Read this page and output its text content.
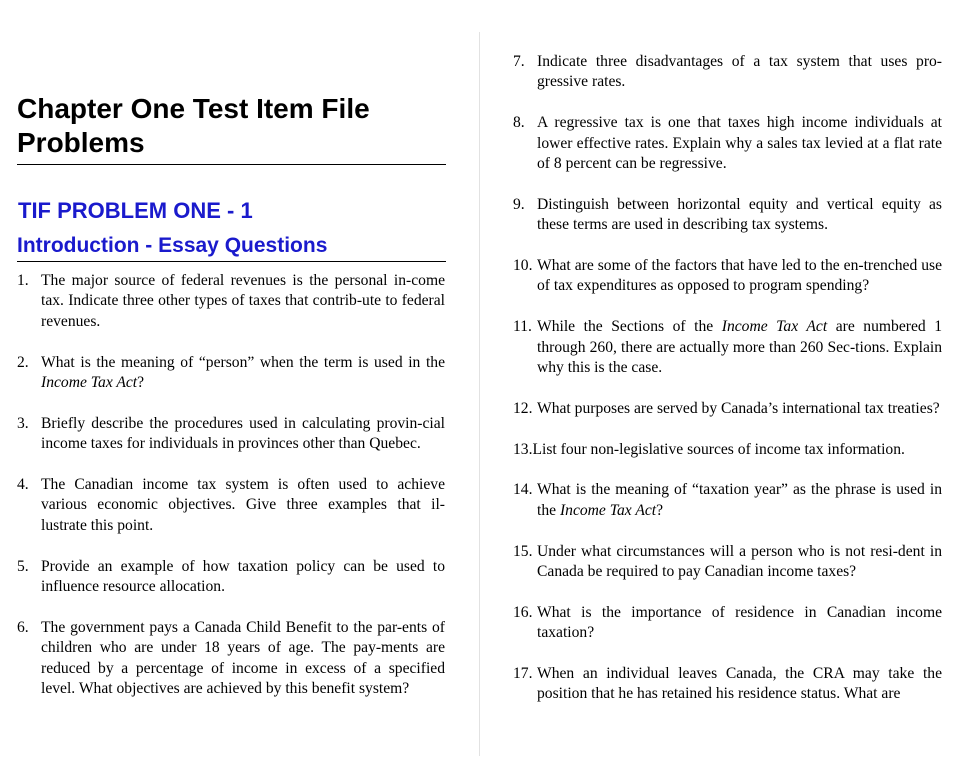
Chapter One Test Item File Problems
TIF PROBLEM ONE - 1
Introduction - Essay Questions
1. The major source of federal revenues is the personal in-come tax. Indicate three other types of taxes that contrib-ute to federal revenues.
2. What is the meaning of “person” when the term is used in the Income Tax Act?
3. Briefly describe the procedures used in calculating provin-cial income taxes for individuals in provinces other than Quebec.
4. The Canadian income tax system is often used to achieve various economic objectives. Give three examples that il-lustrate this point.
5. Provide an example of how taxation policy can be used to influence resource allocation.
6. The government pays a Canada Child Benefit to the par-ents of children who are under 18 years of age. The pay-ments are reduced by a percentage of income in excess of a specified level. What objectives are achieved by this benefit system?
7. Indicate three disadvantages of a tax system that uses pro-gressive rates.
8. A regressive tax is one that taxes high income individuals at lower effective rates. Explain why a sales tax levied at a flat rate of 8 percent can be regressive.
9. Distinguish between horizontal equity and vertical equity as these terms are used in describing tax systems.
10. What are some of the factors that have led to the en-trenched use of tax expenditures as opposed to program spending?
11. While the Sections of the Income Tax Act are numbered 1 through 260, there are actually more than 260 Sec-tions. Explain why this is the case.
12. What purposes are served by Canada’s international tax treaties?
13.List four non-legislative sources of income tax information.
14. What is the meaning of “taxation year” as the phrase is used in the Income Tax Act?
15. Under what circumstances will a person who is not resi-dent in Canada be required to pay Canadian income taxes?
16. What is the importance of residence in Canadian income taxation?
17. When an individual leaves Canada, the CRA may take the position that he has retained his residence status. What are
